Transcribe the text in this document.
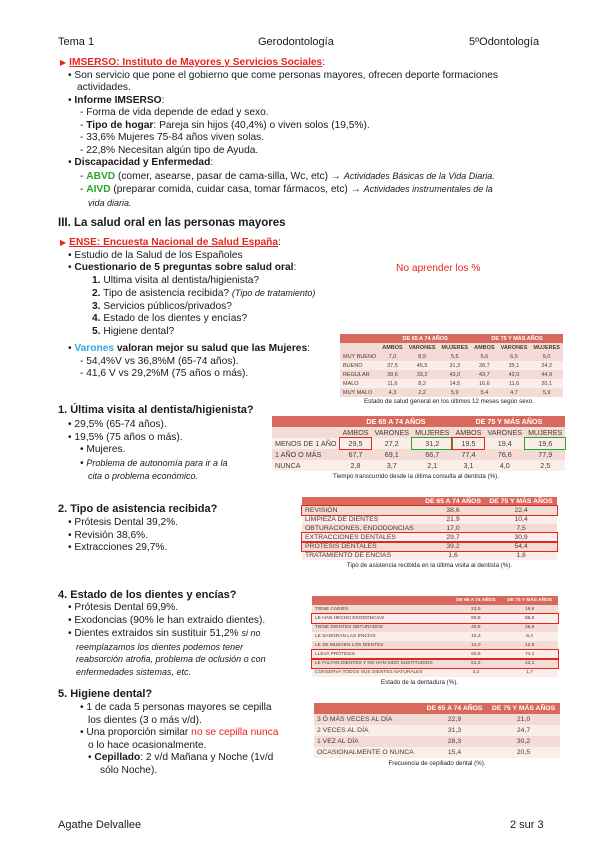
Tema 1	Gerodontología	5ºOdontología
▶ IMSERSO: Instituto de Mayores y Servicios Sociales:
• Son servicio que pone el gobierno que come personas mayores, ofrecen deporte formaciones
actividades.
• Informe IMSERSO:
- Forma de vida depende de edad y sexo.
- Tipo de hogar: Pareja sin hijos (40,4%) o viven solos (19,5%).
- 33,6% Mujeres 75-84 años viven solas.
- 22,8% Necesitan algún tipo de Ayuda.
• Discapacidad y Enfermedad:
- ABVD (comer, asearse, pasar de cama-silla, Wc, etc) → Actividades Básicas de la Vida Diaria.
- AIVD (preparar comida, cuidar casa, tomar fármacos, etc) → Actividades instrumentales de la
vida diaria.
III. La salud oral en las personas mayores
▶ ENSE: Encuesta Nacional de Salud España:
• Estudio de la Salud de los Españoles
• Cuestionario de 5 preguntas sobre salud oral:	No aprender los %
1. Ultima visita al dentista/higienista?
2. Tipo de asistencia recibida? (Tipo de tratamiento)
3. Servicios públicos/privados?
4. Estado de los dientes y encías?
5. Higiene dental?
• Varones valoran mejor su salud que las Mujeres:
- 54,4%V vs 36,8%M (65-74 años).
- 41,6 V vs 29,2%M (75 años o más).
	DE 65 A 74 AÑOS			DE 75 Y MÁS AÑOS		
	AMBOS	VARONES	MUJERES	AMBOS	VARONES	MUJERES
MUY BUENO	7,0	8,9	5,5	5,6	6,5	5,0
BUENO	37,5	45,5	31,3	28,7	35,1	24,2
REGULAR	39,6	33,2	43,0	43,7	42,0	44,9
MALO	11,6	8,2	14,5	16,6	11,6	20,1
MUY MALO	4,3	2,2	5,9	5,4	4,7	5,9
Estado de salud general en los últimos 12 meses según sexo.
1. Última visita al dentista/higienista?
• 29,5% (65-74 años).
• 19,5% (75 años o más).
• Mujeres.
• Problema de autonomía para ir a la
cita o problema económico.
	DE 65 A 74 AÑOS			DE 75 Y MÁS AÑOS		
	AMBOS	VARONES	MUJERES	AMBOS	VARONES	MUJERES
MENOS DE 1 AÑO	29,5	27,2	31,2	19,5	19,4	19,6
1 AÑO O MÁS	67,7	69,1	66,7	77,4	76,6	77,9
NUNCA	2,8	3,7	2,1	3,1	4,0	2,5
Tiempo transcurrido desde la última consulta al dentista (%).
2. Tipo de asistencia recibida?
• Prótesis Dental 39,2%.
• Revisión 38,6%.
• Extracciones 29,7%.
	DE 65 A 74 AÑOS	DE 75 Y MÁS AÑOS
REVISIÓN	38,6	22,4
LIMPIEZA DE DIENTES	21,9	10,4
OBTURACIONES, ENDODONCIAS	17,0	7,5
EXTRACCIONES DENTALES	29,7	30,9
PRÓTESIS DENTALES	39,2	54,4
TRATAMIENTO DE ENCÍAS	1,6	1,8
Tipo de asistencia recibida en la última visita al dentista (%).
4. Estado de los dientes y encías?
• Prótesis Dental 69,9%.
• Exodoncias (90% le han extraido dientes).
• Dientes extraidos sin sustituir 51,2% si no
reemplazamos los dientes podemos tener
reabsorción atrofia, problema de oclusión o con
enfermedades sistemas, etc.
	DE 65 A 74 AÑOS	DE 75 Y MÁS AÑOS
TIENE CARIES	23,9	19,6
LE HAN HECHO EXODONCIAS	89,8	88,6
TIENE DIENTES OBTURADOS	45,8	25,9
LE SANGRAN LAS ENCÍAS	15,3	8,4
LE SE MUEVEN LOS DIENTES	12,0	12,9
LLEVA PRÓTESIS	69,9	74,1
LE FALTAN DIENTES Y NO HAN SIDO SUSTITUIDOS	51,2	43,1
CONSERVA TODOS SUS DIENTES NATURALES	3,3	1,7
Estado de la dentadura (%).
5. Higiene dental?
• 1 de cada 5 personas mayores se cepilla
los dientes (3 o más v/d).
• Una proporción similar no se cepilla nunca
o lo hace ocasionalmente.
• Cepillado: 2 v/d Mañana y Noche (1v/d
sólo Noche).
	DE 65 A 74 AÑOS	DE 75 Y MÁS AÑOS
3 Ó MÁS VECES AL DÍA	22,9	21,0
2 VECES AL DÍA	31,3	24,7
1 VEZ AL DÍA	28,3	30,2
OCASIONALMENTE O NUNCA	15,4	20,5
Frecuencia de cepillado dental (%).
Agathe Delvallee	2 sur 3
